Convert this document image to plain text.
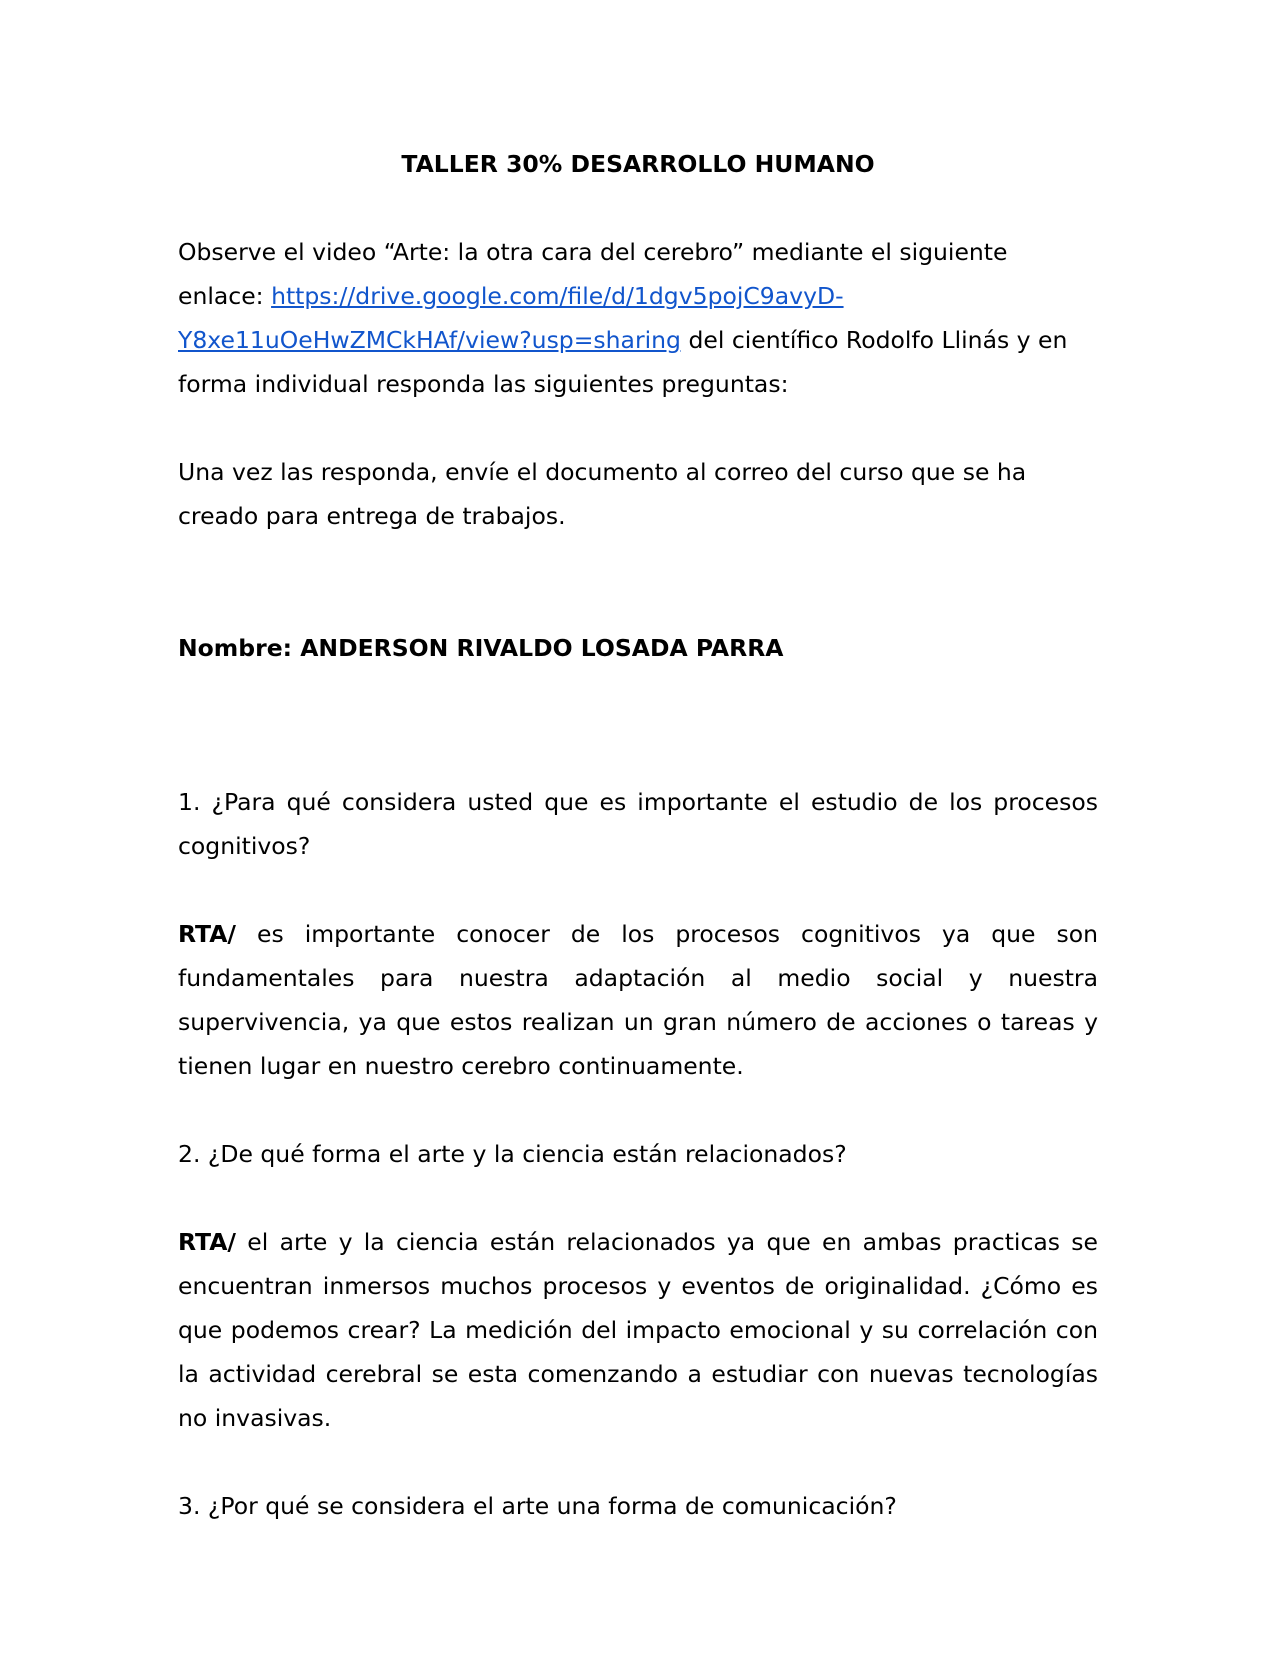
TALLER 30% DESARROLLO HUMANO

Observe el video “Arte: la otra cara del cerebro” mediante el siguiente enlace: https://drive.google.com/file/d/1dgv5pojC9avyD-
Y8xe11uOeHwZMCkHAf/view?usp=sharing del científico Rodolfo Llinás y en forma individual responda las siguientes preguntas:

Una vez las responda, envíe el documento al correo del curso que se ha creado para entrega de trabajos.

Nombre: ANDERSON RIVALDO LOSADA PARRA

1. ¿Para qué considera usted que es importante el estudio de los procesos cognitivos?

RTA/ es importante conocer de los procesos cognitivos ya que son fundamentales para nuestra adaptación al medio social y nuestra supervivencia, ya que estos realizan un gran número de acciones o tareas y tienen lugar en nuestro cerebro continuamente.

2. ¿De qué forma el arte y la ciencia están relacionados?

RTA/ el arte y la ciencia están relacionados ya que en ambas practicas se encuentran inmersos muchos procesos y eventos de originalidad. ¿Cómo es que podemos crear? La medición del impacto emocional y su correlación con la actividad cerebral se esta comenzando a estudiar con nuevas tecnologías no invasivas.

3. ¿Por qué se considera el arte una forma de comunicación?
